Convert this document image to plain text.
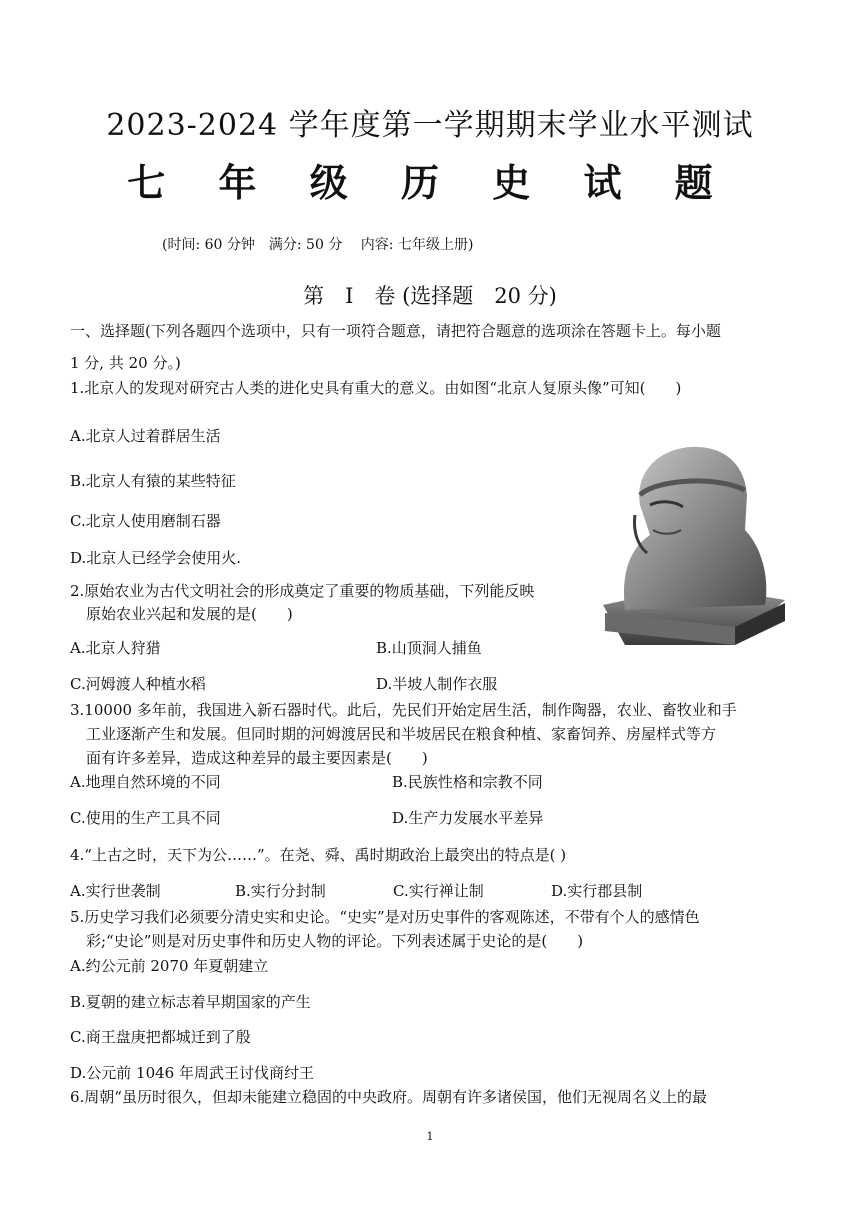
2023-2024 学年度第一学期期末学业水平测试
七 年 级 历 史 试 题
(时间: 60 分钟　满分: 50 分　 内容: 七年级上册)
第　I　卷 (选择题　20 分)
一、选择题(下列各题四个选项中，只有一项符合题意，请把符合题意的选项涂在答题卡上。每小题
1 分, 共 20 分。)
1.北京人的发现对研究古人类的进化史具有重大的意义。由如图“北京人复原头像”可知(　　)
A.北京人过着群居生活
B.北京人有猿的某些特征
C.北京人使用磨制石器
D.北京人已经学会使用火.
2.原始农业为古代文明社会的形成奠定了重要的物质基础，下列能反映
原始农业兴起和发展的是(　　)
A.北京人狩猎	B.山顶洞人捕鱼
C.河姆渡人种植水稻	D.半坡人制作衣服
3.10000 多年前，我国进入新石器时代。此后，先民们开始定居生活，制作陶器，农业、畜牧业和手
工业逐渐产生和发展。但同时期的河姆渡居民和半坡居民在粮食种植、家畜饲养、房屋样式等方
面有许多差异，造成这种差异的最主要因素是(　　)
A.地理自然环境的不同	B.民族性格和宗教不同
C.使用的生产工具不同	D.生产力发展水平差异
4.“上古之时，天下为公……”。在尧、舜、禹时期政治上最突出的特点是( )
A.实行世袭制	B.实行分封制	C.实行禅让制	D.实行郡县制
5.历史学习我们必须要分清史实和史论。“史实”是对历史事件的客观陈述，不带有个人的感情色
彩;“史论”则是对历史事件和历史人物的评论。下列表述属于史论的是(　　)
A.约公元前 2070 年夏朝建立
B.夏朝的建立标志着早期国家的产生
C.商王盘庚把都城迁到了殷
D.公元前 1046 年周武王讨伐商纣王
6.周朝“虽历时很久，但却未能建立稳固的中央政府。周朝有许多诸侯国，他们无视周名义上的最
1
